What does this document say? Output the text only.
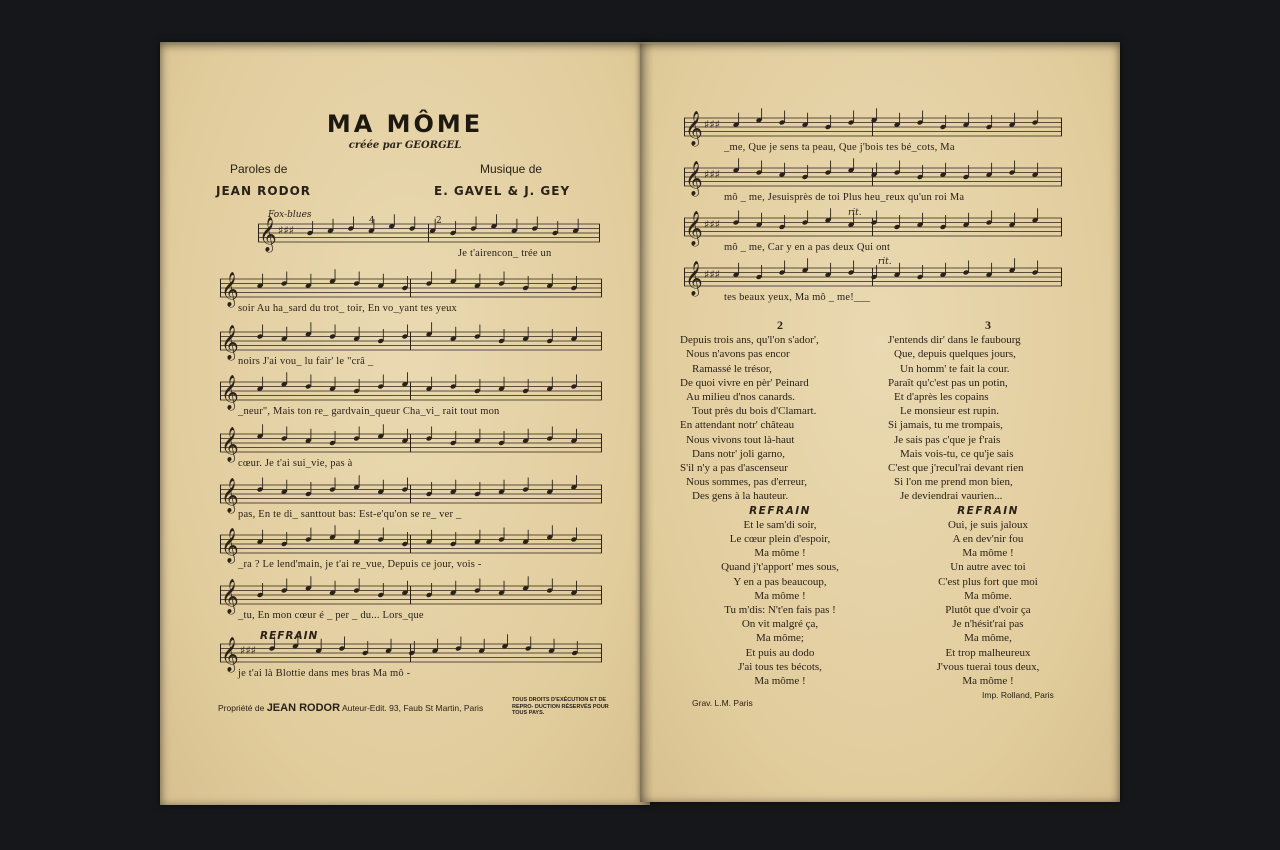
MA MÔME
créée par GEORGEL
Paroles de
JEAN RODOR
Musique de
E. GAVEL & J. GEY
Fox-blues
4	2
REFRAIN
Propriété de JEAN RODOR Auteur-Edit. 93, Faub St Martin, Paris
TOUS DROITS D'EXÉCUTION ET DE REPRO- DUCTION RÉSERVÉS POUR TOUS PAYS.
𝄞 ♯♯♯
Je t'airencon_ trée un
𝄞
soir Au ha_sard du trot_ toir, En vo_yant tes yeux
𝄞
noirs J'ai vou_ lu fair' le "crâ _
𝄞
_neur", Mais ton re_ gardvain_queur Cha_vi_ rait tout mon
𝄞
cœur. Je t'ai sui_vie, pas à
𝄞
pas, En te di_ santtout bas: Est-e'qu'on se re_ ver _
𝄞
_ra ? Le lend'main, je t'ai re_vue, Depuis ce jour, vois -
𝄞
_tu, En mon cœur é _ per _ du... Lors_que
𝄞 ♯♯♯
je t'ai là Blottie dans mes bras Ma mô -
rit.
rit.
2
Depuis trois ans, qu'l'on s'ador',
Nous n'avons pas encor
Ramassé le trésor,
De quoi vivre en pèr' Peinard
Au milieu d'nos canards.
Tout près du bois d'Clamart.
En attendant notr' château
Nous vivons tout là-haut
Dans notr' joli garno,
S'il n'y a pas d'ascenseur
Nous sommes, pas d'erreur,
Des gens à la hauteur.
REFRAIN
Et le sam'di soir,
Le cœur plein d'espoir,
Ma môme !
Quand j't'apport' mes sous,
Y en a pas beaucoup,
Ma môme !
Tu m'dis: N't'en fais pas !
On vit malgré ça,
Ma môme;
Et puis au dodo
J'ai tous tes bécots,
Ma môme !
3
J'entends dir' dans le faubourg
Que, depuis quelques jours,
Un homm' te fait la cour.
Paraît qu'c'est pas un potin,
Et d'après les copains
Le monsieur est rupin.
Si jamais, tu me trompais,
Je sais pas c'que je f'rais
Mais vois-tu, ce qu'je sais
C'est que j'recul'rai devant rien
Si l'on me prend mon bien,
Je deviendrai vaurien...
REFRAIN
Oui, je suis jaloux
A en dev'nir fou
Ma môme !
Un autre avec toi
C'est plus fort que moi
Ma môme.
Plutôt que d'voir ça
Je n'hésit'rai pas
Ma môme,
Et trop malheureux
J'vous tuerai tous deux,
Ma môme !
Grav. L.M. Paris
Imp. Rolland, Paris
𝄞 ♯♯♯
_me, Que je sens ta peau, Que j'bois tes bé_cots, Ma
𝄞 ♯♯♯
mô _ me, Jesuisprès de toi Plus heu_reux qu'un roi Ma
𝄞 ♯♯♯
mô _ me, Car y en a pas deux Qui ont
𝄞 ♯♯♯
tes beaux yeux, Ma mô _ me!___
